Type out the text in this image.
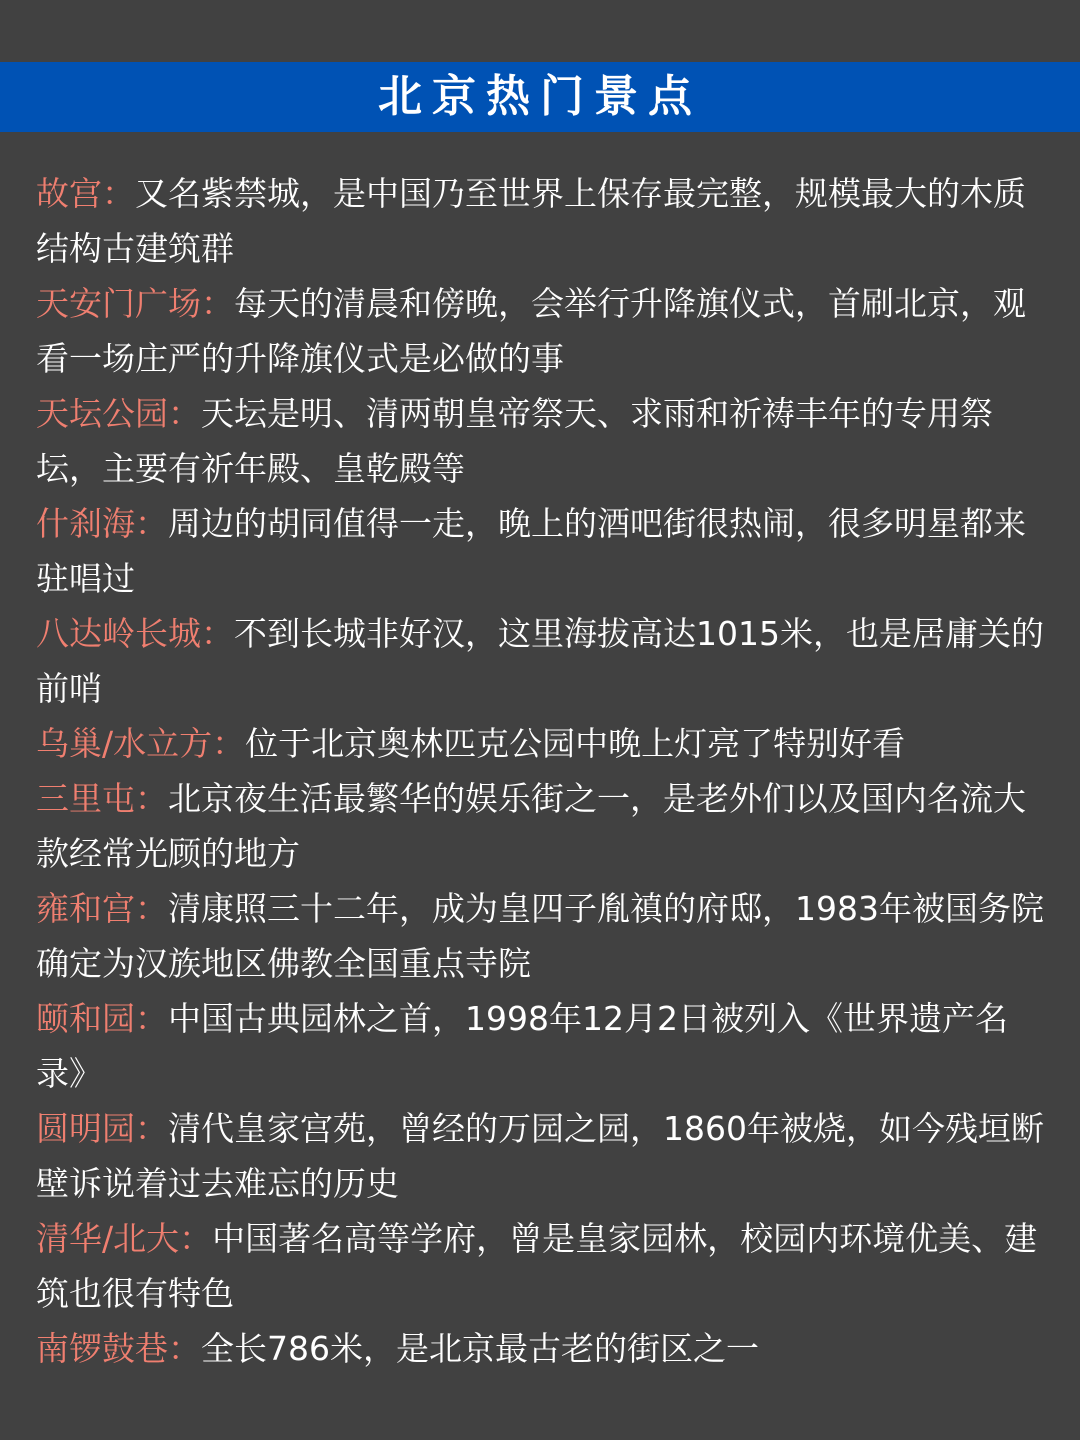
北京热门景点
故宫：又名紫禁城，是中国乃至世界上保存最完整，规模最大的木质结构古建筑群
天安门广场：每天的清晨和傍晚，会举行升降旗仪式，首刷北京，观看一场庄严的升降旗仪式是必做的事
天坛公园：天坛是明、清两朝皇帝祭天、求雨和祈祷丰年的专用祭坛，主要有祈年殿、皇乾殿等
什刹海：周边的胡同值得一走，晚上的酒吧街很热闹，很多明星都来驻唱过
八达岭长城：不到长城非好汉，这里海拔高达1015米，也是居庸关的前哨
乌巢/水立方：位于北京奥林匹克公园中晚上灯亮了特别好看
三里屯：北京夜生活最繁华的娱乐街之一，是老外们以及国内名流大款经常光顾的地方
雍和宫：清康照三十二年，成为皇四子胤禛的府邸，1983年被国务院确定为汉族地区佛教全国重点寺院
颐和园：中国古典园林之首，1998年12月2日被列入《世界遗产名录》
圆明园：清代皇家宫苑，曾经的万园之园，1860年被烧，如今残垣断壁诉说着过去难忘的历史
清华/北大：中国著名高等学府，曾是皇家园林，校园内环境优美、建筑也很有特色
南锣鼓巷：全长786米，是北京最古老的街区之一
